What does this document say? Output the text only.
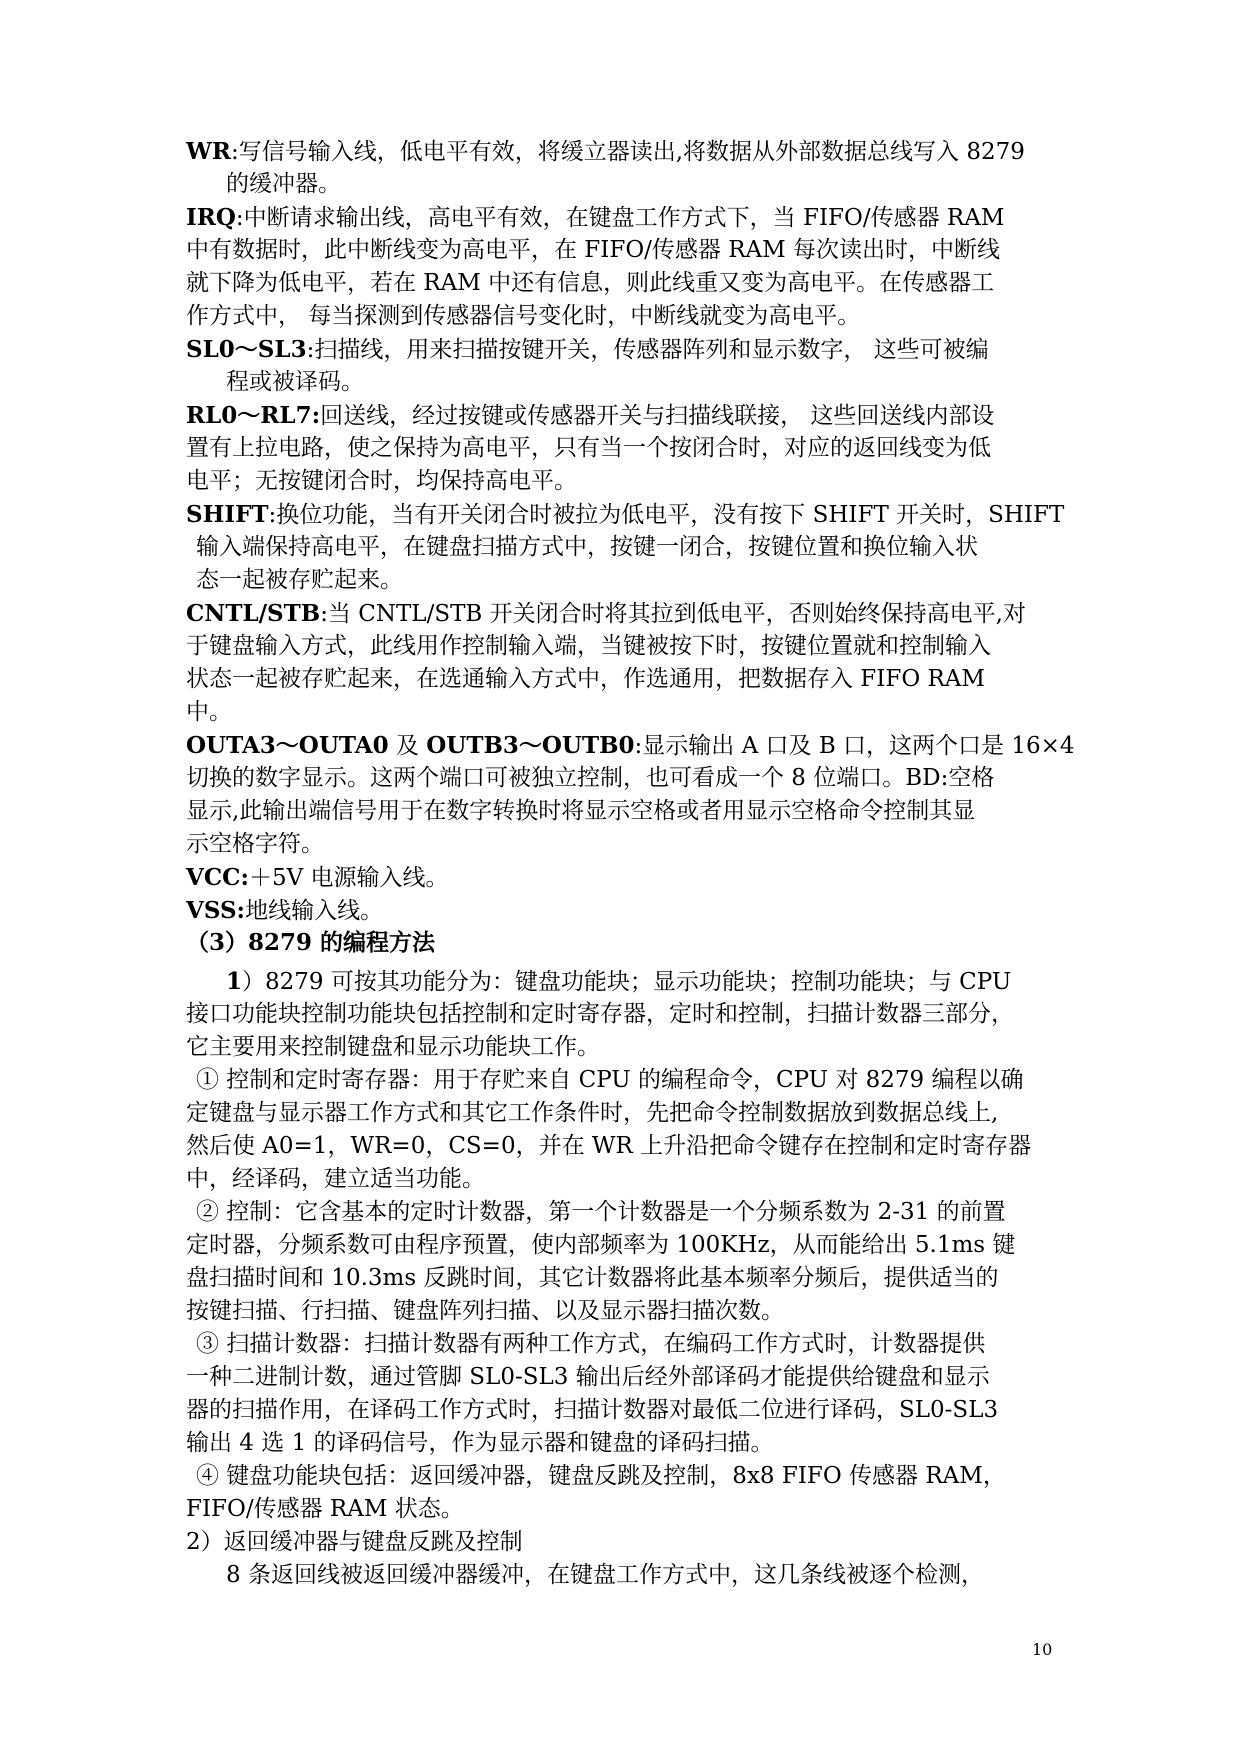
WR:写信号输入线，低电平有效，将缓立器读出,将数据从外部数据总线写入 8279
的缓冲器。
IRQ:中断请求输出线，高电平有效，在键盘工作方式下，当 FIFO/传感器 RAM
中有数据时，此中断线变为高电平，在 FIFO/传感器 RAM 每次读出时，中断线
就下降为低电平，若在 RAM 中还有信息，则此线重又变为高电平。在传感器工
作方式中， 每当探测到传感器信号变化时，中断线就变为高电平。
SL0～SL3:扫描线，用来扫描按键开关，传感器阵列和显示数字， 这些可被编
程或被译码。
RL0～RL7:回送线，经过按键或传感器开关与扫描线联接， 这些回送线内部设
置有上拉电路，使之保持为高电平，只有当一个按闭合时，对应的返回线变为低
电平；无按键闭合时，均保持高电平。
SHIFT:换位功能，当有开关闭合时被拉为低电平，没有按下 SHIFT 开关时，SHIFT
输入端保持高电平，在键盘扫描方式中，按键一闭合，按键位置和换位输入状
态一起被存贮起来。
CNTL/STB:当 CNTL/STB 开关闭合时将其拉到低电平，否则始终保持高电平,对
于键盘输入方式，此线用作控制输入端，当键被按下时，按键位置就和控制输入
状态一起被存贮起来，在选通输入方式中，作选通用，把数据存入 FIFO RAM
中。
OUTA3～OUTA0 及 OUTB3～OUTB0:显示输出 A 口及 B 口，这两个口是 16×4
切换的数字显示。这两个端口可被独立控制，也可看成一个 8 位端口。BD:空格
显示,此输出端信号用于在数字转换时将显示空格或者用显示空格命令控制其显
示空格字符。
VCC:＋5V 电源输入线。
VSS:地线输入线。
（3）8279 的编程方法
1）8279 可按其功能分为：键盘功能块；显示功能块；控制功能块；与 CPU
接口功能块控制功能块包括控制和定时寄存器，定时和控制，扫描计数器三部分，
它主要用来控制键盘和显示功能块工作。
① 控制和定时寄存器：用于存贮来自 CPU 的编程命令，CPU 对 8279 编程以确
定键盘与显示器工作方式和其它工作条件时，先把命令控制数据放到数据总线上,
然后使 A0=1，WR=0，CS=0，并在 WR 上升沿把命令键存在控制和定时寄存器
中，经译码，建立适当功能。
② 控制：它含基本的定时计数器，第一个计数器是一个分频系数为 2-31 的前置
定时器，分频系数可由程序预置，使内部频率为 100KHz，从而能给出 5.1ms 键
盘扫描时间和 10.3ms 反跳时间，其它计数器将此基本频率分频后，提供适当的
按键扫描、行扫描、键盘阵列扫描、以及显示器扫描次数。
③ 扫描计数器：扫描计数器有两种工作方式，在编码工作方式时，计数器提供
一种二进制计数，通过管脚 SL0-SL3 输出后经外部译码才能提供给键盘和显示
器的扫描作用，在译码工作方式时，扫描计数器对最低二位进行译码，SL0-SL3
输出 4 选 1 的译码信号，作为显示器和键盘的译码扫描。
④ 键盘功能块包括：返回缓冲器，键盘反跳及控制，8x8 FIFO 传感器 RAM，
FIFO/传感器 RAM 状态。
2）返回缓冲器与键盘反跳及控制
8 条返回线被返回缓冲器缓冲，在键盘工作方式中，这几条线被逐个检测，
10
